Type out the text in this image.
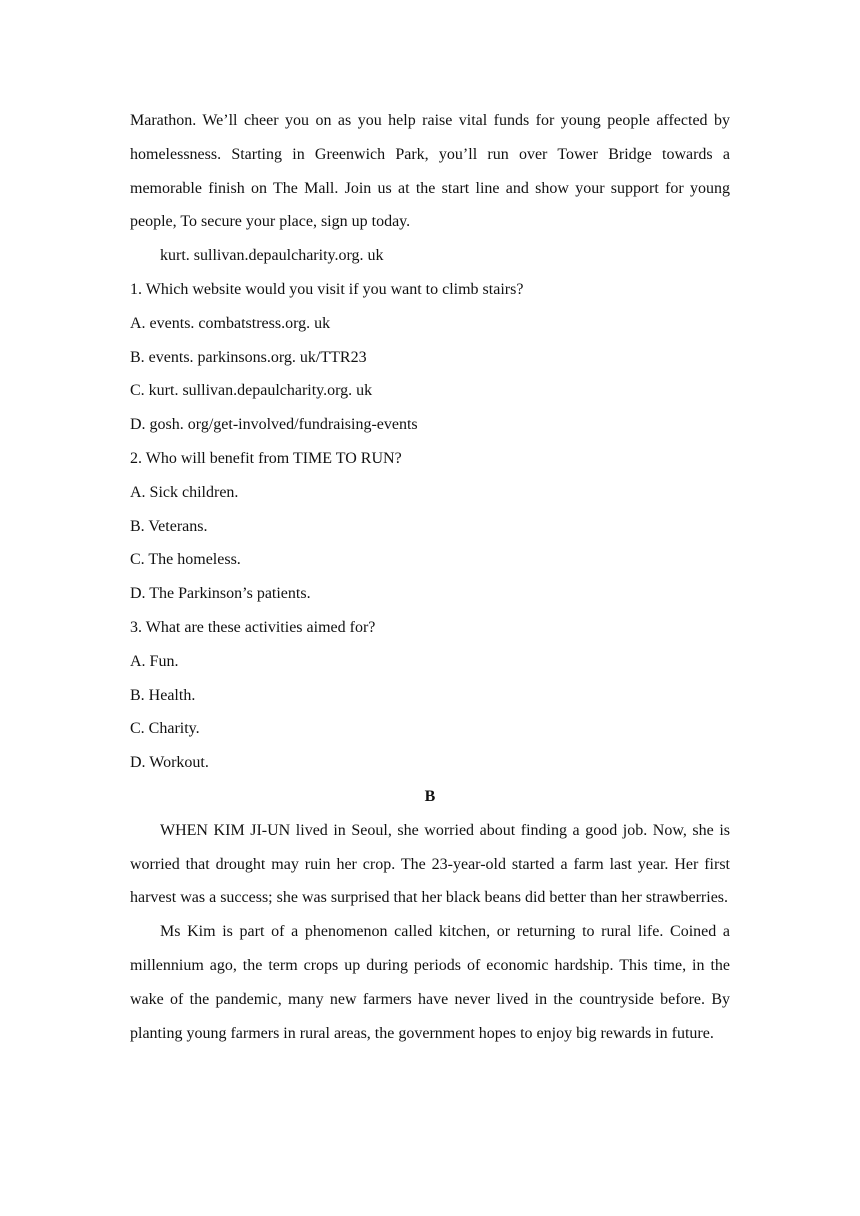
Marathon. We’ll cheer you on as you help raise vital funds for young people affected by homelessness. Starting in Greenwich Park, you’ll run over Tower Bridge towards a memorable finish on The Mall. Join us at the start line and show your support for young people, To secure your place, sign up today.

kurt. sullivan.depaulcharity.org. uk

1. Which website would you visit if you want to climb stairs?

A. events. combatstress.org. uk

B. events. parkinsons.org. uk/TTR23

C. kurt. sullivan.depaulcharity.org. uk

D. gosh. org/get-involved/fundraising-events

2. Who will benefit from TIME TO RUN?

A. Sick children.

B. Veterans.

C. The homeless.

D. The Parkinson’s patients.

3. What are these activities aimed for?

A. Fun.

B. Health.

C. Charity.

D. Workout.

B

WHEN KIM JI-UN lived in Seoul, she worried about finding a good job. Now, she is worried that drought may ruin her crop. The 23-year-old started a farm last year. Her first harvest was a success; she was surprised that her black beans did better than her strawberries.

Ms Kim is part of a phenomenon called kitchen, or returning to rural life. Coined a millennium ago, the term crops up during periods of economic hardship. This time, in the wake of the pandemic, many new farmers have never lived in the countryside before. By planting young farmers in rural areas, the government hopes to enjoy big rewards in future.
